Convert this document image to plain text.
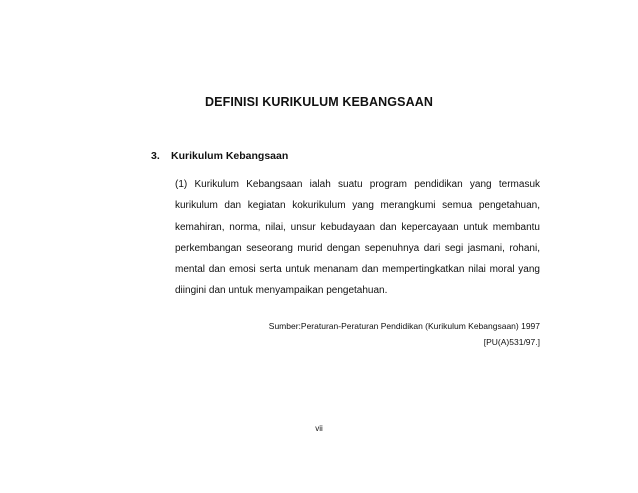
DEFINISI KURIKULUM KEBANGSAAN
3. Kurikulum Kebangsaan
(1) Kurikulum Kebangsaan ialah suatu program pendidikan yang termasuk
kurikulum dan kegiatan kokurikulum yang merangkumi semua pengetahuan,
kemahiran, norma, nilai, unsur kebudayaan dan kepercayaan untuk membantu
perkembangan seseorang murid dengan sepenuhnya dari segi jasmani, rohani,
mental dan emosi serta untuk menanam dan mempertingkatkan nilai moral yang
diingini dan untuk menyampaikan pengetahuan.
Sumber:Peraturan-Peraturan Pendidikan (Kurikulum Kebangsaan) 1997
[PU(A)531/97.]
vii
